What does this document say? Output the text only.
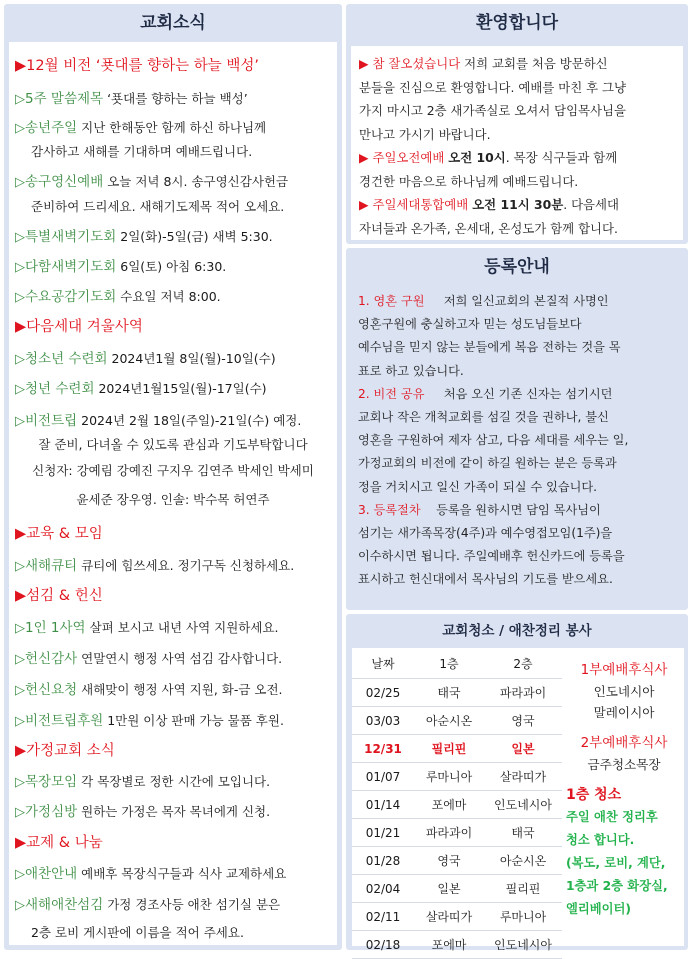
교회소식
▶12월 비전 ‘푯대를 향하는 하늘 백성’
▷5주 말씀제목 ‘푯대를 향하는 하늘 백성’
▷송년주일 지난 한해동안 함께 하신 하나님께
감사하고 새해를 기대하며 예배드립니다.
▷송구영신예배 오늘 저녁 8시. 송구영신감사헌금
준비하여 드리세요. 새해기도제목 적어 오세요.
▷특별새벽기도회 2일(화)-5일(금) 새벽 5:30.
▷다함새벽기도회 6일(토) 아침 6:30.
▷수요공감기도회 수요일 저녁 8:00.
▶다음세대 겨울사역
▷청소년 수련회 2024년1월 8일(월)-10일(수)
▷청년 수련회 2024년1월15일(월)-17일(수)
▷비전트립 2024년 2월 18일(주일)-21일(수) 예정.
잘 준비, 다녀올 수 있도록 관심과 기도부탁합니다
신청자: 강예림 강예진 구지우 김연주 박세인 박세미
윤세준 장우영. 인솔: 박수목 허연주
▶교육 & 모임
▷새해큐티 큐티에 힘쓰세요. 정기구독 신청하세요.
▶섬김 & 헌신
▷1인 1사역 살펴 보시고 내년 사역 지원하세요.
▷헌신감사 연말연시 행정 사역 섬김 감사합니다.
▷헌신요청 새해맞이 행정 사역 지원, 화-금 오전.
▷비전트립후원 1만원 이상 판매 가능 물품 후원.
▶가정교회 소식
▷목장모임 각 목장별로 정한 시간에 모입니다.
▷가정심방 원하는 가정은 목자 목녀에게 신청.
▶교제 & 나눔
▷애찬안내 예배후 목장식구들과 식사 교제하세요
▷새해애찬섬김 가정 경조사등 애찬 섬기실 분은
2층 로비 게시판에 이름을 적어 주세요.
환영합니다
▶ 참 잘오셨습니다 저희 교회를 처음 방문하신
분들을 진심으로 환영합니다. 예배를 마친 후 그냥
가지 마시고 2층 새가족실로 오셔서 담임목사님을
만나고 가시기 바랍니다.
▶ 주일오전예배 오전 10시. 목장 식구들과 함께
경건한 마음으로 하나님께 예배드립니다.
▶ 주일세대통합예배 오전 11시 30분. 다음세대
자녀들과 온가족, 온세대, 온성도가 함께 합니다.
등록안내
1. 영혼 구원 저희 일신교회의 본질적 사명인
영혼구원에 충실하고자 믿는 성도님들보다
예수님을 믿지 않는 분들에게 복음 전하는 것을 목
표로 하고 있습니다.
2. 비전 공유 처음 오신 기존 신자는 섬기시던
교회나 작은 개척교회를 섬길 것을 권하나, 불신
영혼을 구원하여 제자 삼고, 다음 세대를 세우는 일,
가정교회의 비전에 같이 하길 원하는 분은 등록과
정을 거치시고 일신 가족이 되실 수 있습니다.
3. 등록절차 등록을 원하시면 담임 목사님이
섬기는 새가족목장(4주)과 예수영접모임(1주)을
이수하시면 됩니다. 주일예배후 헌신카드에 등록을
표시하고 헌신대에서 목사님의 기도를 받으세요.
교회청소 / 애찬정리 봉사
날짜	1층	2층
02/25	태국	파라과이
03/03	아순시온	영국
12/31	필리핀	일본
01/07	루마니아	살라띠가
01/14	포에마	인도네시아
01/21	파라과이	태국
01/28	영국	아순시온
02/04	일본	필리핀
02/11	살라띠가	루마니아
02/18	포에마	인도네시아
1부예배후식사
인도네시아
말레이시아
2부예배후식사
금주청소목장
1층 청소
주일 애찬 정리후
청소 합니다.
(복도, 로비, 계단,
1층과 2층 화장실,
엘리베이터)
